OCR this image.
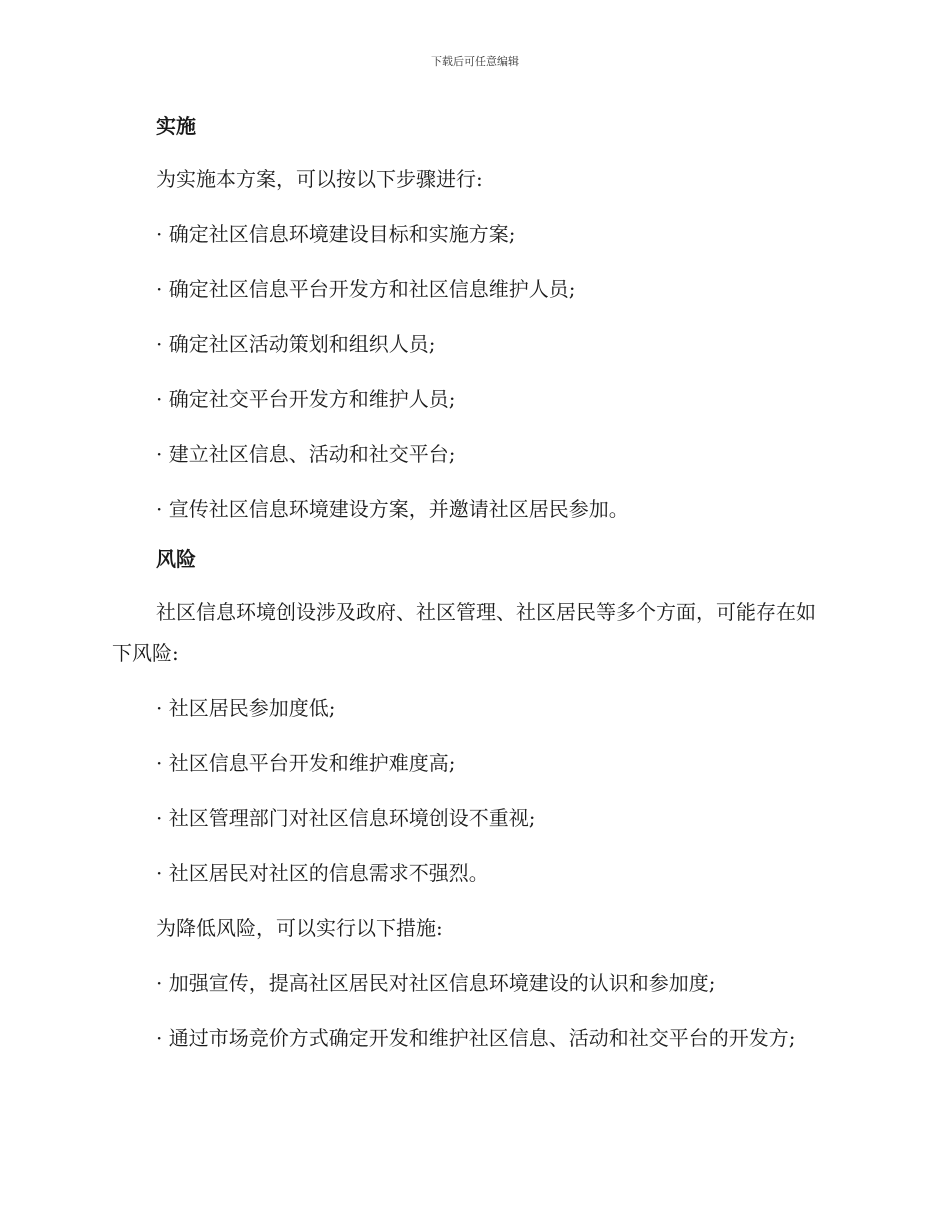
下载后可任意编辑
实施

为实施本方案，可以按以下步骤进行:

· 确定社区信息环境建设目标和实施方案;

· 确定社区信息平台开发方和社区信息维护人员;

· 确定社区活动策划和组织人员;

· 确定社交平台开发方和维护人员;

· 建立社区信息、活动和社交平台;

· 宣传社区信息环境建设方案，并邀请社区居民参加。

风险

社区信息环境创设涉及政府、社区管理、社区居民等多个方面，可能存在如下风险:

· 社区居民参加度低;

· 社区信息平台开发和维护难度高;

· 社区管理部门对社区信息环境创设不重视;

· 社区居民对社区的信息需求不强烈。

为降低风险，可以实行以下措施:

· 加强宣传，提高社区居民对社区信息环境建设的认识和参加度;

· 通过市场竞价方式确定开发和维护社区信息、活动和社交平台的开发方;
